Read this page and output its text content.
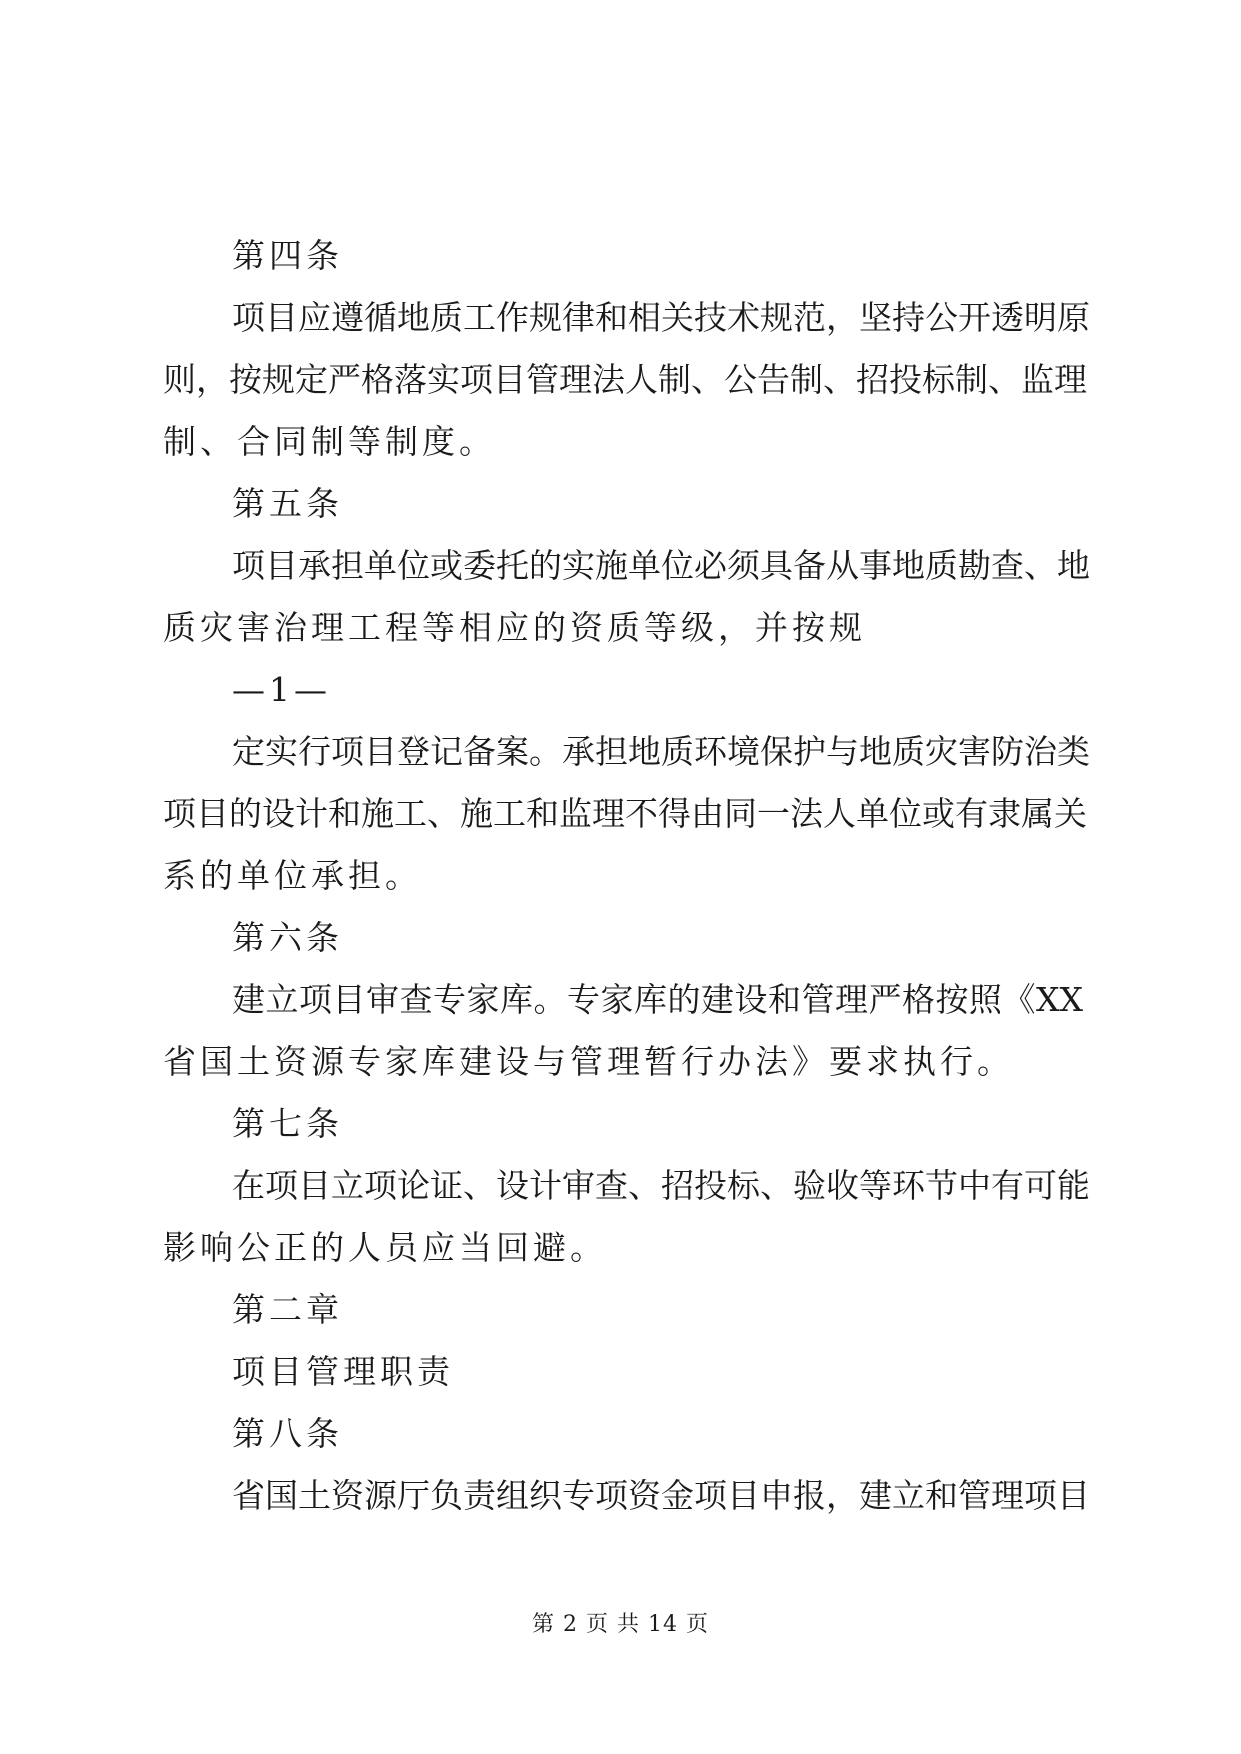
第四条
项目应遵循地质工作规律和相关技术规范，坚持公开透明原
则，按规定严格落实项目管理法人制、公告制、招投标制、监理
制、合同制等制度。
第五条
项目承担单位或委托的实施单位必须具备从事地质勘查、地
质灾害治理工程等相应的资质等级，并按规
—1—
定实行项目登记备案。承担地质环境保护与地质灾害防治类
项目的设计和施工、施工和监理不得由同一法人单位或有隶属关
系的单位承担。
第六条
建立项目审查专家库。专家库的建设和管理严格按照《XX
省国土资源专家库建设与管理暂行办法》要求执行。
第七条
在项目立项论证、设计审查、招投标、验收等环节中有可能
影响公正的人员应当回避。
第二章
项目管理职责
第八条
省国土资源厅负责组织专项资金项目申报，建立和管理项目
第 2 页 共 14 页
